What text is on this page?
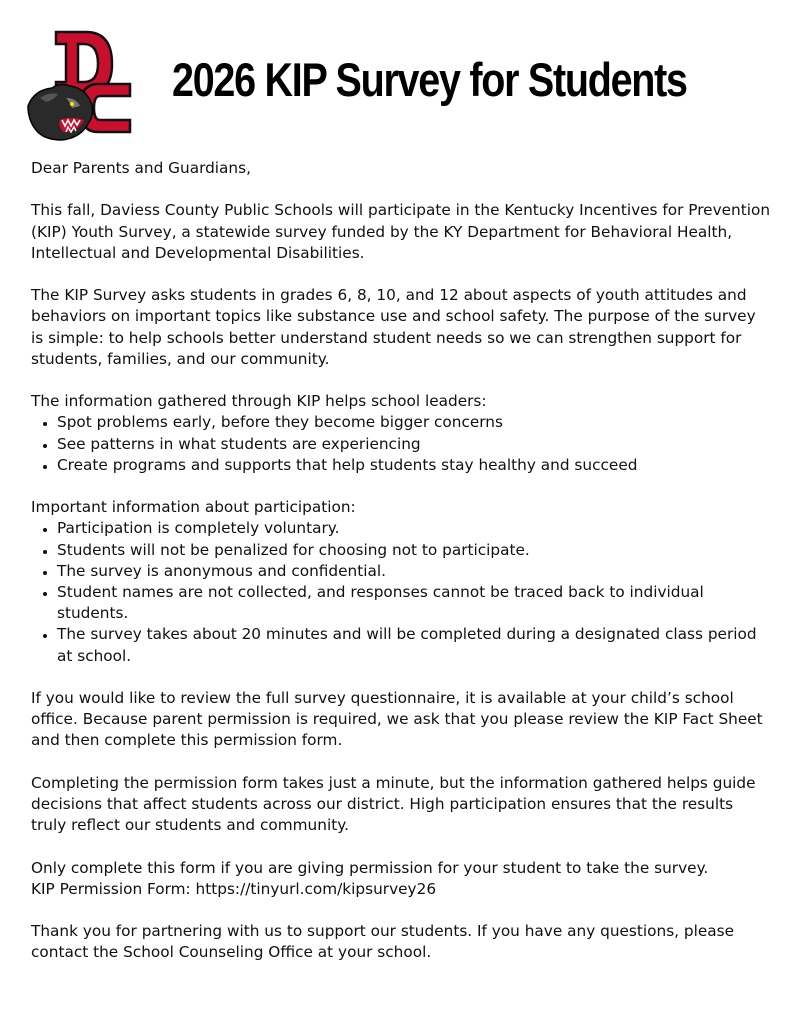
2026 KIP Survey for Students

Dear Parents and Guardians,

This fall, Daviess County Public Schools will participate in the Kentucky Incentives for Prevention (KIP) Youth Survey, a statewide survey funded by the KY Department for Behavioral Health, Intellectual and Developmental Disabilities.

The KIP Survey asks students in grades 6, 8, 10, and 12 about aspects of youth attitudes and behaviors on important topics like substance use and school safety. The purpose of the survey is simple: to help schools better understand student needs so we can strengthen support for students, families, and our community.

The information gathered through KIP helps school leaders:

• Spot problems early, before they become bigger concerns
• See patterns in what students are experiencing
• Create programs and supports that help students stay healthy and succeed

Important information about participation:

• Participation is completely voluntary.
• Students will not be penalized for choosing not to participate.
• The survey is anonymous and confidential.
• Student names are not collected, and responses cannot be traced back to individual students.
• The survey takes about 20 minutes and will be completed during a designated class period at school.

If you would like to review the full survey questionnaire, it is available at your child’s school office. Because parent permission is required, we ask that you please review the KIP Fact Sheet and then complete this permission form.

Completing the permission form takes just a minute, but the information gathered helps guide decisions that affect students across our district. High participation ensures that the results truly reflect our students and community.

Only complete this form if you are giving permission for your student to take the survey.

KIP Permission Form: https://tinyurl.com/kipsurvey26

Thank you for partnering with us to support our students. If you have any questions, please contact the School Counseling Office at your school.
